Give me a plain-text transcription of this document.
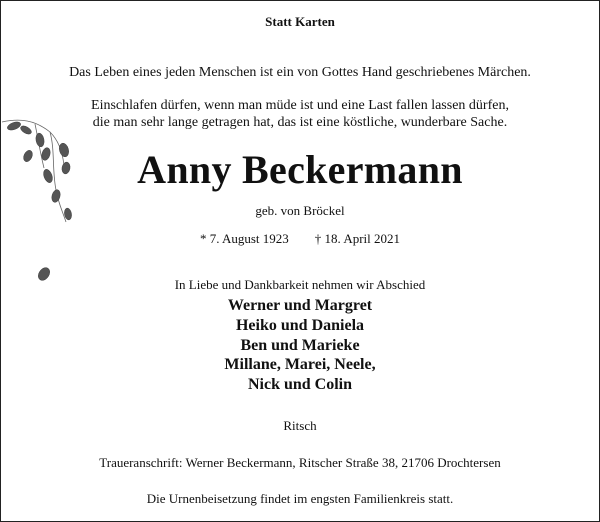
Statt Karten
Das Leben eines jeden Menschen ist ein von Gottes Hand geschriebenes Märchen.
Einschlafen dürfen, wenn man müde ist und eine Last fallen lassen dürfen,
die man sehr lange getragen hat, das ist eine köstliche, wunderbare Sache.
Anny Beckermann
geb. von Bröckel
* 7. August 1923 † 18. April 2021
In Liebe und Dankbarkeit nehmen wir Abschied
Werner und Margret
Heiko und Daniela
Ben und Marieke
Millane, Marei, Neele,
Nick und Colin
Ritsch
Traueranschrift: Werner Beckermann, Ritscher Straße 38, 21706 Drochtersen
Die Urnenbeisetzung findet im engsten Familienkreis statt.
